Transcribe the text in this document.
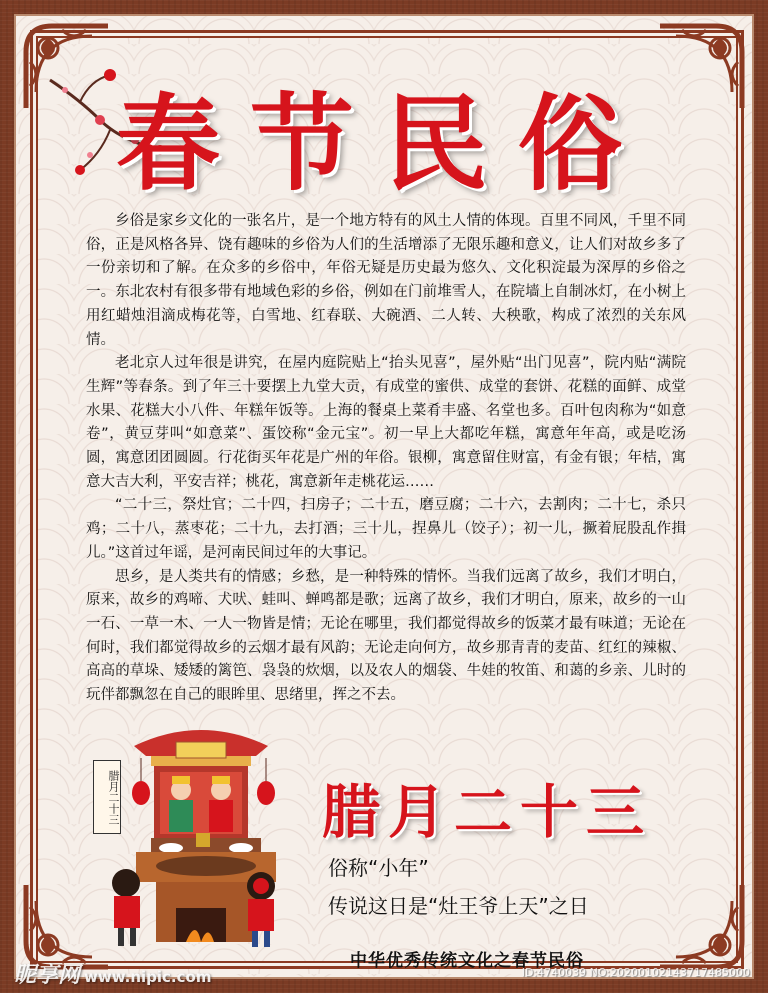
春节民俗

乡俗是家乡文化的一张名片，是一个地方特有的风土人情的体现。百里不同风，千里不同俗，正是风格各异、饶有趣味的乡俗为人们的生活增添了无限乐趣和意义，让人们对故乡多了一份亲切和了解。在众多的乡俗中，年俗无疑是历史最为悠久、文化积淀最为深厚的乡俗之一。东北农村有很多带有地域色彩的乡俗，例如在门前堆雪人，在院墙上自制冰灯，在小树上用红蜡烛泪滴成梅花等，白雪地、红春联、大碗酒、二人转、大秧歌，构成了浓烈的关东风情。

老北京人过年很是讲究，在屋内庭院贴上“抬头见喜”，屋外贴“出门见喜”，院内贴“满院生辉”等春条。到了年三十要摆上九堂大贡，有成堂的蜜供、成堂的套饼、花糕的面鲜、成堂水果、花糕大小八件、年糕年饭等。上海的餐桌上菜肴丰盛、名堂也多。百叶包肉称为“如意卷”，黄豆芽叫“如意菜”、蛋饺称“金元宝”。初一早上大都吃年糕，寓意年年高，或是吃汤圆，寓意团团圆圆。行花街买年花是广州的年俗。银柳，寓意留住财富，有金有银；年桔，寓意大吉大利，平安吉祥；桃花，寓意新年走桃花运……

“二十三，祭灶官；二十四，扫房子；二十五，磨豆腐；二十六，去割肉；二十七，杀只鸡；二十八，蒸枣花；二十九，去打酒；三十儿，捏鼻儿（饺子）；初一儿，撅着屁股乱作揖儿。”这首过年谣，是河南民间过年的大事记。

思乡，是人类共有的情感；乡愁，是一种特殊的情怀。当我们远离了故乡，我们才明白，原来，故乡的鸡啼、犬吠、蛙叫、蝉鸣都是歌；远离了故乡，我们才明白，原来，故乡的一山一石、一草一木、一人一物皆是情；无论在哪里，我们都觉得故乡的饭菜才最有味道；无论在何时，我们都觉得故乡的云烟才最有风韵；无论走向何方，故乡那青青的麦苗、红红的辣椒、高高的草垛、矮矮的篱笆、袅袅的炊烟，以及农人的烟袋、牛娃的牧笛、和蔼的乡亲、儿时的玩伴都飘忽在自己的眼眸里、思绪里，挥之不去。

腊月二十三	腊月二十三
俗称“小年”
传说这日是“灶王爷上天”之日
中华优秀传统文化之春节民俗
昵享网 www.nipic.com	ID:4740039 NO:20200102143717485000
